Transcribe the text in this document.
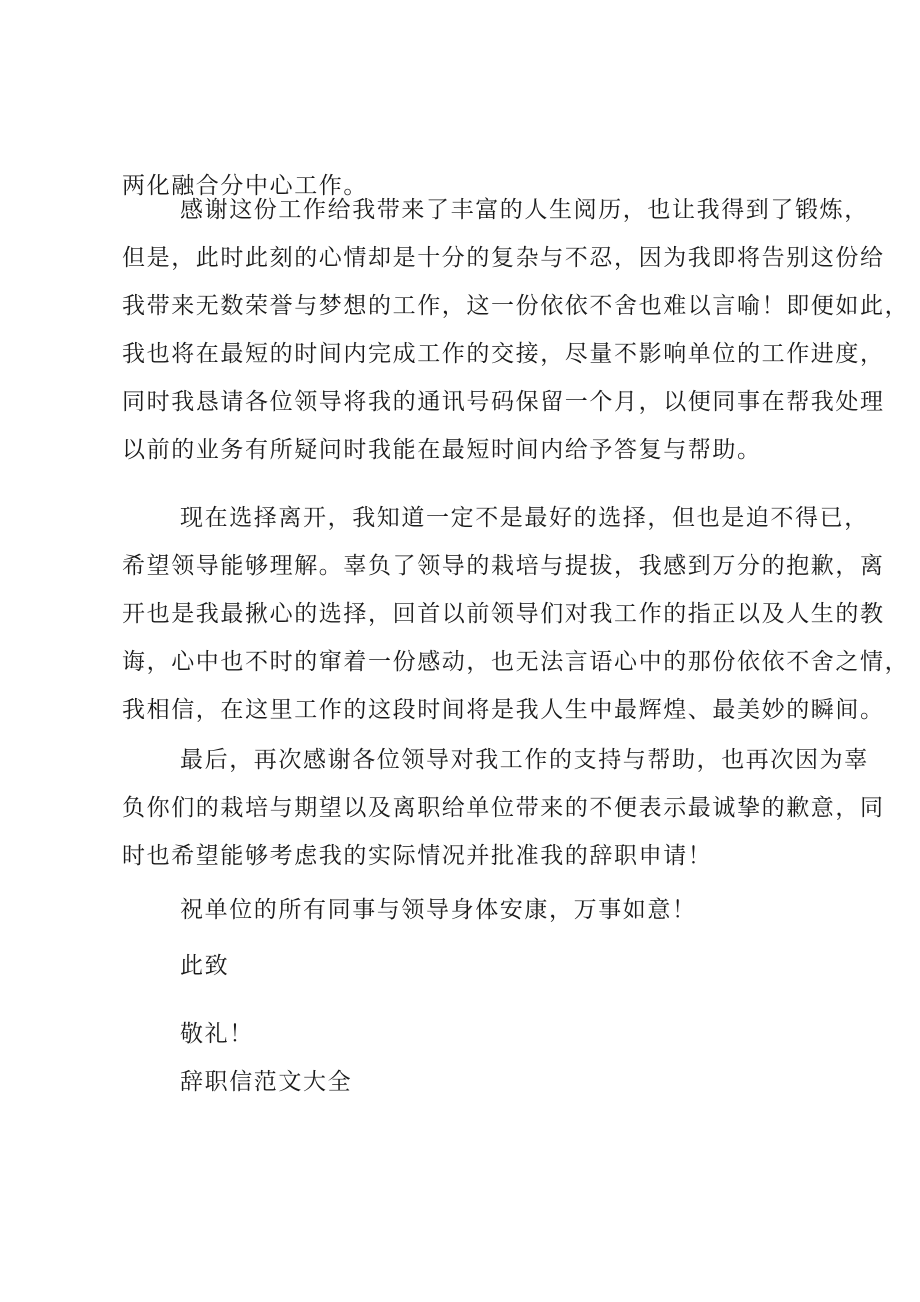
两化融合分中心工作。
感谢这份工作给我带来了丰富的人生阅历，也让我得到了锻炼，
但是，此时此刻的心情却是十分的复杂与不忍，因为我即将告别这份给
我带来无数荣誉与梦想的工作，这一份依依不舍也难以言喻！即便如此，
我也将在最短的时间内完成工作的交接，尽量不影响单位的工作进度，
同时我恳请各位领导将我的通讯号码保留一个月，以便同事在帮我处理
以前的业务有所疑问时我能在最短时间内给予答复与帮助。
现在选择离开，我知道一定不是最好的选择，但也是迫不得已，
希望领导能够理解。辜负了领导的栽培与提拔，我感到万分的抱歉，离
开也是我最揪心的选择，回首以前领导们对我工作的指正以及人生的教
诲，心中也不时的窜着一份感动，也无法言语心中的那份依依不舍之情，
我相信，在这里工作的这段时间将是我人生中最辉煌、最美妙的瞬间。
最后，再次感谢各位领导对我工作的支持与帮助，也再次因为辜
负你们的栽培与期望以及离职给单位带来的不便表示最诚挚的歉意，同
时也希望能够考虑我的实际情况并批准我的辞职申请！
祝单位的所有同事与领导身体安康，万事如意！
此致
敬礼！
辞职信范文大全
